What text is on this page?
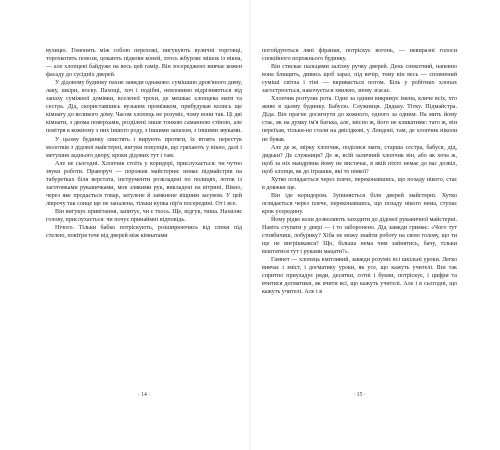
вулицю. Гомонять між собою перехожі, вигукують вуличні торговці, торохкотять повози, цокають підкови коней, хтось жбурляє мішок із вікна, — але хлопцеві байдуже на весь цей гамір. Він зосереджено вивчає кожен фасаду до сусідніх дверей.

У дідовому будинку пахне завжди однаково: сумішшю дров'яного диму, лаку, шкіри, воску. Пахощі, хоч і подібні, невловимо відрізняються від запаху суміжної домівки, вселеної трохи, де мешкає хлопцева мати та сестра. Дід, скориставшись вузьким проміжком, прибудував колись ще кімнату до великого дому. Часом хлопець не розуміє, чому вони так. Ці дві кімнати, з двома поверхами, розділені лише тонкою саманною стіною, але повітря в кожному з них іншого роду, з іншими запахом, з іншими звуками.

У цьому будинку свистять і вирують протяги, їх втоять перестук молотків з дідової майстерні, вигуки покупців, що гряхають у вікно, далі і метушня заднього двору, кроки дідових тут і там.

Але не сьогодні. Хлопчик стоїть у коридорі, прислухається: чи чутно звуки роботи. Праворуч — порожня майстерня: немає підмайстрів на табуретках біля верстата, інструменти розкладені по полицях, лоток із заготовками рукавичками, мов злякими рук, викладені на вітрині. Вікно, через яке продається товар, затулене й замкнене віщним засувом. У цей ліврочу так сонце ще не запалена, тільки купка пір'я посередині. От і все.

Він вигукує привітання, запитує, чи є тхось. Ще, відгук, тиша. Нахиляє голову, прислухається: чи почує принаймні відповідь.

Нічого. Тільки бабко потріскують, розширюючись від спеки під стелею, повітря тече від дверей між кімнатами

· 14 ·

погойдуються ляні фіранки, потріскує вогонь, — невиразні голоси спокійного порожнього будинку.

Він стискає пальцями залізну ручку дверей. День спекотний, напевно вона блищить, дивись щоб зараз, під вечір, тому він весь — сповнений суміші світла і тіні — вкривається потом. Біль у робітних хлопах загострюється, накочується хвилею, знову згасає.

Хлопчик розтуляє рота. Одне за одним викрикує імена, кличе всіх, хто живе в цьому будинку. Бабусю. Служниця. Дядьку. Тітку. Підмайстра. Діда. Він прагне досягнути до кожного, одного за одним. На мить йому стає, як на думку ім'я батька, але, звісно ж, його не кликатиме: тато ж, він переїхав, тільки-но стали на двісідкові, у Лондоні, там, де хлопчик ніколи не бував.

Але де ж, мірку хлопчик, поділися мати, старша сестра, бабуся, дід, дядьки? Де служниця? Де ж, всій заличний хлопчик він, або як хоча ж, щоб за ніх мандрівна йому не вистачає, в якій ніхто немає до вас дозвіл, щоб хлопця, як до іграшки, які то ніякої?

Хутко оглядається через плече, переконавшись, що позаду нікого, стає в довжки ще.

Він іде коридором. Зупиняється біля дверей майстерні. Хутко оглядається через плече, переконавшись, що позаду нікого нема, ступає крок усередину.

Йому рідко коли дозволяють заходити до дідової рукавичної майстерні. Навіть ступати у двері — і то заборонено. Дід завжди гримає: «Чого тут стовбичиш, лобурику? Хіба не можу знайти роботу на свою голову, що ти ще не вигрішкався? Що, більша нема чим зайнятись, бачу, тільки вештатися тут і руками мацати?».

Гамнет — хлопець кмітливий, завжди розуміє всі шкільні уроки. Легко вивчає і зміст, і догматику уроки, як усе, що кажуть учителі. Він так спритно приуладує ряди, десятки, сотні і букви, потріскує, і цифри та вчитися догматики, як вчити всі, що кажуть учителі. Але і в сьогодні, що кажуть учителі. Але і в

· 15 ·
